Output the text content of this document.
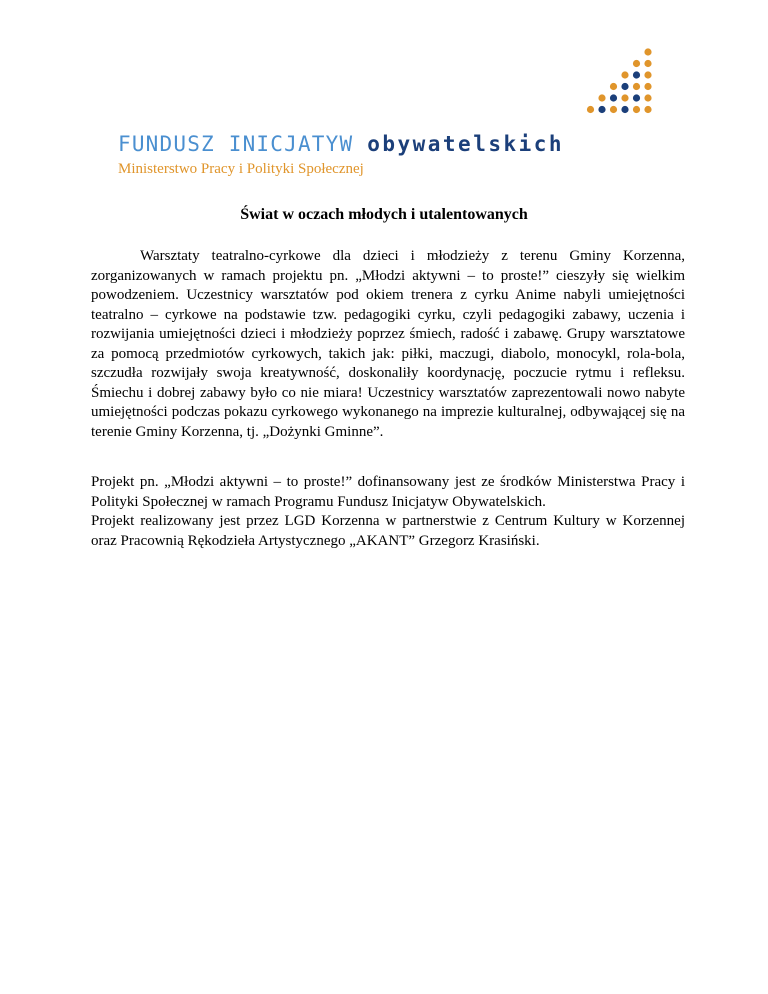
FUNDUSZ INICJATYW obywatelskich
Ministerstwo Pracy i Polityki Społecznej
Świat w oczach młodych i utalentowanych

Warsztaty teatralno-cyrkowe dla dzieci i młodzieży z terenu Gminy Korzenna, zorganizowanych w ramach projektu pn. „Młodzi aktywni – to proste!” cieszyły się wielkim powodzeniem. Uczestnicy warsztatów pod okiem trenera z cyrku Anime nabyli umiejętności teatralno – cyrkowe na podstawie tzw. pedagogiki cyrku, czyli pedagogiki zabawy, uczenia i rozwijania umiejętności dzieci i młodzieży poprzez śmiech, radość i zabawę. Grupy warsztatowe za pomocą przedmiotów cyrkowych, takich jak: piłki, maczugi, diabolo, monocykl, rola-bola, szczudła rozwijały swoja kreatywność, doskonaliły koordynację, poczucie rytmu i refleksu. Śmiechu i dobrej zabawy było co nie miara! Uczestnicy warsztatów zaprezentowali nowo nabyte umiejętności podczas pokazu cyrkowego wykonanego na imprezie kulturalnej, odbywającej się na terenie Gminy Korzenna, tj. „Dożynki Gminne”.

Projekt pn. „Młodzi aktywni – to proste!” dofinansowany jest ze środków Ministerstwa Pracy i Polityki Społecznej w ramach Programu Fundusz Inicjatyw Obywatelskich.

Projekt realizowany jest przez LGD Korzenna w partnerstwie z Centrum Kultury w Korzennej oraz Pracownią Rękodzieła Artystycznego „AKANT” Grzegorz Krasiński.
